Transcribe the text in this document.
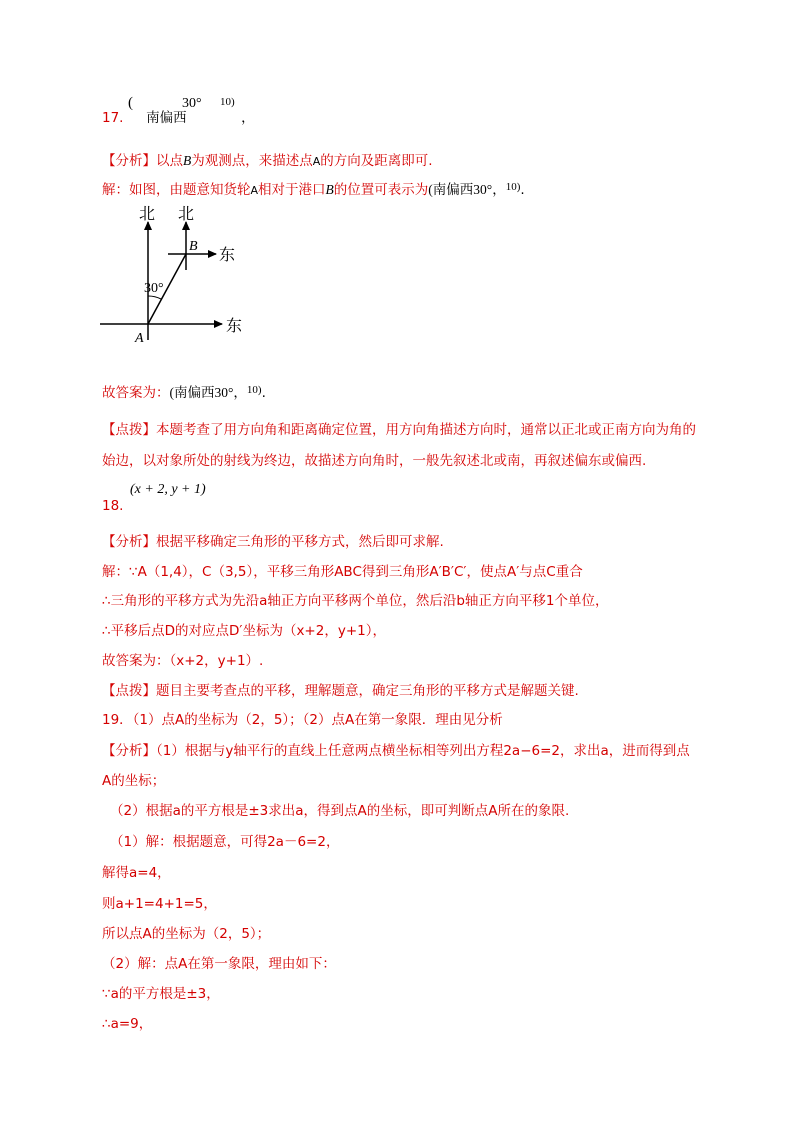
(	30° 10)
17. 南偏西	，
【分析】以点B为观测点，来描述点A的方向及距离即可.
解：如图，由题意知货轮A相对于港口B的位置可表示为(南偏西30°，$^{10)}$.
北 北
东
东
B
A
30°
故答案为：(南偏西30°，$^{10)}$.
【点拨】本题考查了用方向角和距离确定位置，用方向角描述方向时，通常以正北或正南方向为角的
始边，以对象所处的射线为终边，故描述方向角时，一般先叙述北或南，再叙述偏东或偏西.
(x + 2, y + 1)
18.
【分析】根据平移确定三角形的平移方式，然后即可求解.
解：∵A（1,4），C（3,5），平移三角形ABC得到三角形A′B′C′，使点A′与点C重合
∴三角形的平移方式为先沿a轴正方向平移两个单位，然后沿b轴正方向平移1个单位，
∴平移后点D的对应点D′坐标为（x+2，y+1），
故答案为：（x+2，y+1）.
【点拨】题目主要考查点的平移，理解题意，确定三角形的平移方式是解题关键.
19．（1）点A的坐标为（2，5）；（2）点A在第一象限．理由见分析
【分析】（1）根据与y轴平行的直线上任意两点横坐标相等列出方程2a−6=2，求出a，进而得到点
A的坐标；
（2）根据a的平方根是±3求出a，得到点A的坐标，即可判断点A所在的象限.
（1）解：根据题意，可得2a－6=2，
解得a=4，
则a+1=4+1=5，
所以点A的坐标为（2，5）；
（2）解：点A在第一象限，理由如下：
∵a的平方根是±3，
∴a=9，
